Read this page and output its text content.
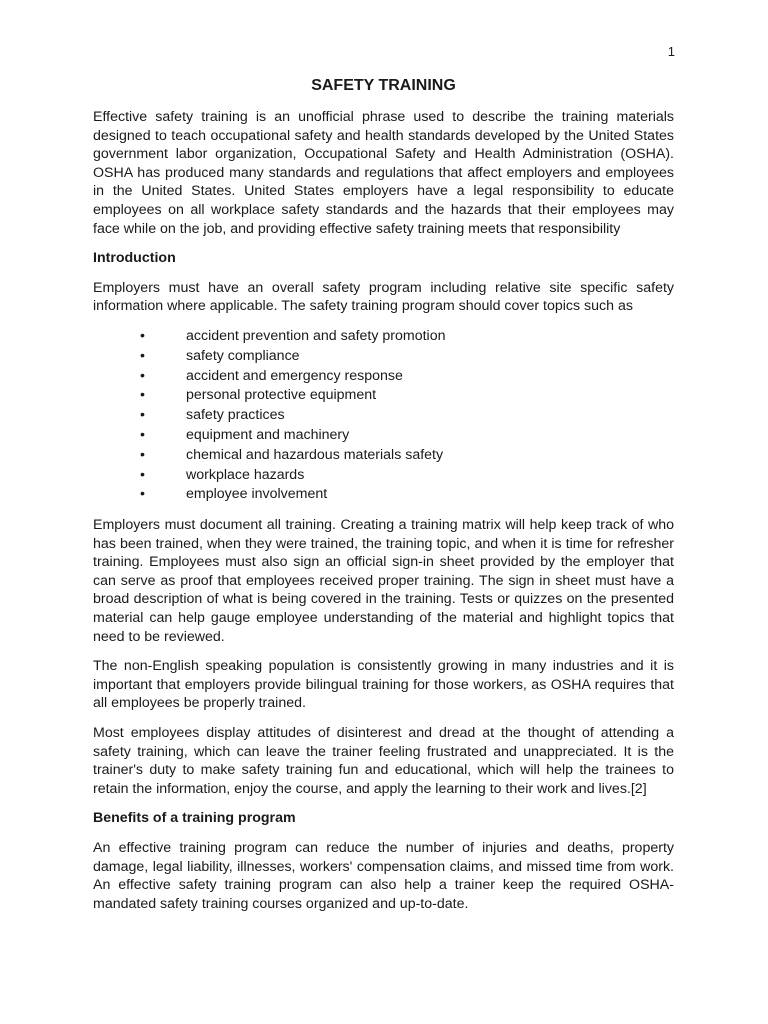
1
SAFETY TRAINING

Effective safety training is an unofficial phrase used to describe the training materials designed to teach occupational safety and health standards developed by the United States government labor organization, Occupational Safety and Health Administration (OSHA). OSHA has produced many standards and regulations that affect employers and employees in the United States. United States employers have a legal responsibility to educate employees on all workplace safety standards and the hazards that their employees may face while on the job, and providing effective safety training meets that responsibility

Introduction

Employers must have an overall safety program including relative site specific safety information where applicable. The safety training program should cover topics such as

•	accident prevention and safety promotion
•	safety compliance
•	accident and emergency response
•	personal protective equipment
•	safety practices
•	equipment and machinery
•	chemical and hazardous materials safety
•	workplace hazards
•	employee involvement

Employers must document all training. Creating a training matrix will help keep track of who has been trained, when they were trained, the training topic, and when it is time for refresher training. Employees must also sign an official sign-in sheet provided by the employer that can serve as proof that employees received proper training. The sign in sheet must have a broad description of what is being covered in the training. Tests or quizzes on the presented material can help gauge employee understanding of the material and highlight topics that need to be reviewed.

The non-English speaking population is consistently growing in many industries and it is important that employers provide bilingual training for those workers, as OSHA requires that all employees be properly trained.

Most employees display attitudes of disinterest and dread at the thought of attending a safety training, which can leave the trainer feeling frustrated and unappreciated. It is the trainer's duty to make safety training fun and educational, which will help the trainees to retain the information, enjoy the course, and apply the learning to their work and lives.[2]

Benefits of a training program

An effective training program can reduce the number of injuries and deaths, property damage, legal liability, illnesses, workers' compensation claims, and missed time from work. An effective safety training program can also help a trainer keep the required OSHA-mandated safety training courses organized and up-to-date.
